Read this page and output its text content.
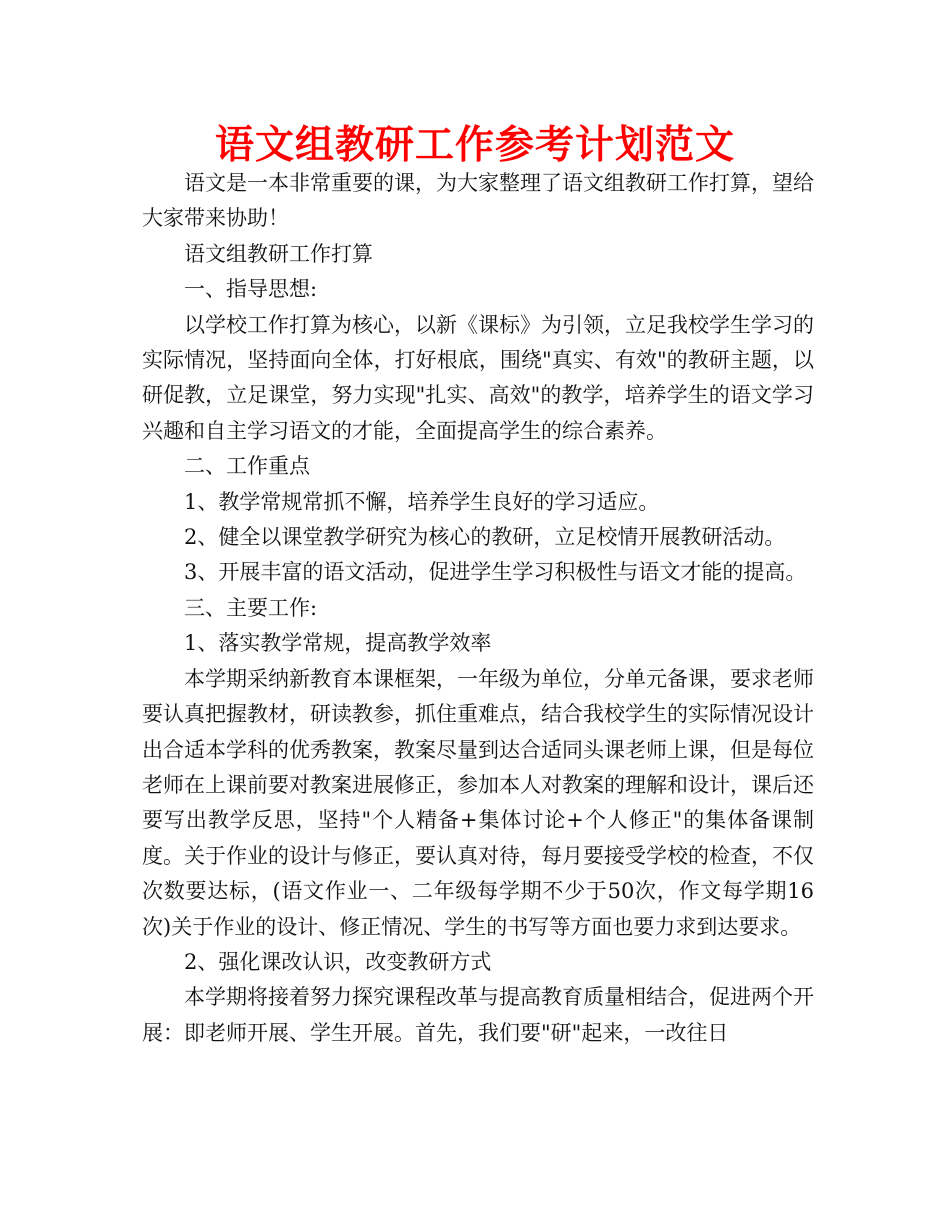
语文组教研工作参考计划范文

语文是一本非常重要的课，为大家整理了语文组教研工作打算，望给大家带来协助！

语文组教研工作打算

一、指导思想:

以学校工作打算为核心，以新《课标》为引领，立足我校学生学习的实际情况，坚持面向全体，打好根底，围绕"真实、有效"的教研主题，以研促教，立足课堂，努力实现"扎实、高效"的教学，培养学生的语文学习兴趣和自主学习语文的才能，全面提高学生的综合素养。

二、工作重点

1、教学常规常抓不懈，培养学生良好的学习适应。

2、健全以课堂教学研究为核心的教研，立足校情开展教研活动。

3、开展丰富的语文活动，促进学生学习积极性与语文才能的提高。

三、主要工作:

1、落实教学常规，提高教学效率

本学期采纳新教育本课框架，一年级为单位，分单元备课，要求老师要认真把握教材，研读教参，抓住重难点，结合我校学生的实际情况设计出合适本学科的优秀教案，教案尽量到达合适同头课老师上课，但是每位老师在上课前要对教案进展修正，参加本人对教案的理解和设计，课后还要写出教学反思，坚持"个人精备+集体讨论+个人修正"的集体备课制度。关于作业的设计与修正，要认真对待，每月要接受学校的检查，不仅次数要达标，(语文作业一、二年级每学期不少于50次，作文每学期16次)关于作业的设计、修正情况、学生的书写等方面也要力求到达要求。

2、强化课改认识，改变教研方式

本学期将接着努力探究课程改革与提高教育质量相结合，促进两个开展：即老师开展、学生开展。首先，我们要"研"起来，一改往日
